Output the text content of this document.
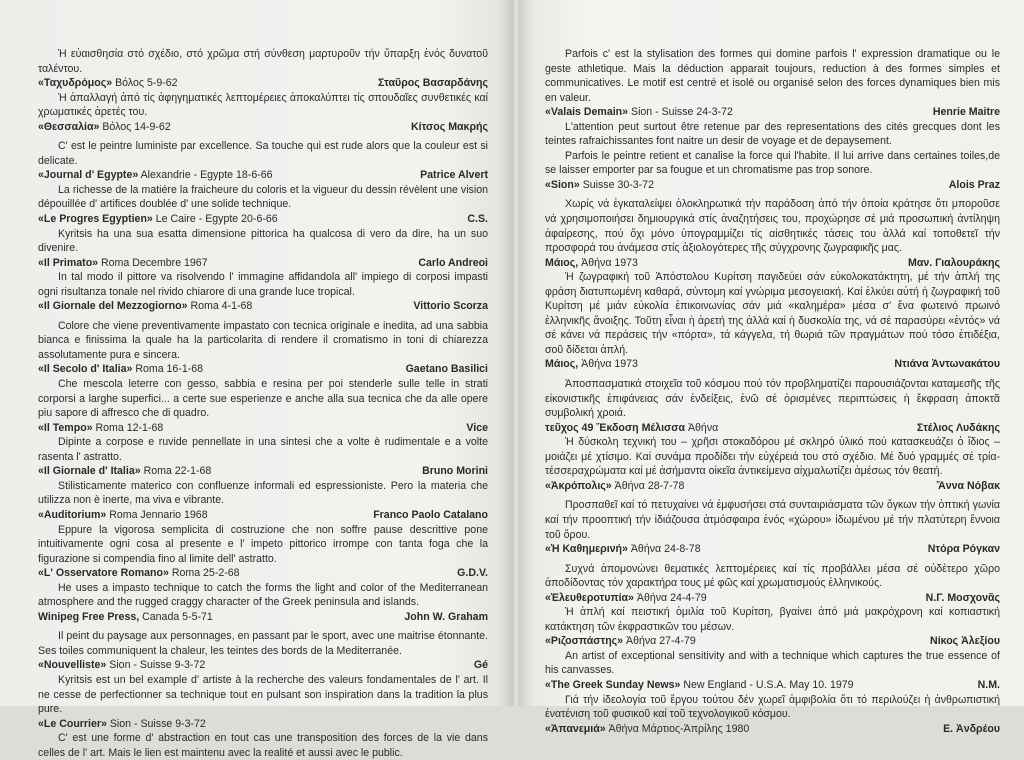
Ἡ εὐαισθησία στό σχέδιο, στό χρῶμα στή σύνθεση μαρτυροῦν τήν ὕπαρξη ἑνός δυνατοῦ ταλέντου.

«Ταχυδρόμος» Βόλος 5-9-62	Σταῦρος Βασαρδάνης

Ἡ ἀπαλλαγή ἀπό τίς ἀφηγηματικές λεπτομέρειες ἀποκαλύπτει τίς σπουδαῖες συνθετικές καί χρωματικές ἀρετές του.

«Θεσσαλία» Βόλος 14-9-62	Κίτσος Μακρής

C' est le peintre luministe par excellence. Sa touche qui est rude alors que la couleur est si delicate.

«Journal d' Egypte» Alexandrie - Egypte 18-6-66	Patrice Alvert

La richesse de la matiére la fraicheure du coloris et la vigueur du dessin révèlent une vision dépouillée d' artifices doublée d' une solide technique.

«Le Progres Egyptien» Le Caire - Egypte 20-6-66	C.S.

Kyritsis ha una sua esatta dimensione pittorica ha qualcosa di vero da dire, ha un suo divenire.

«Il Primato» Roma Decembre 1967	Carlo Andreoi

In tal modo il pittore va risolvendo l' immagine affidandola all' impiego di corposi impasti ogni risultanza tonale nel rivido chiarore di una grande luce tropical.

«Il Giornale del Mezzogiorno» Roma 4-1-68	Vittorio Scorza

Colore che viene preventivamente impastato con tecnica originale e inedita, ad una sabbia bianca e finissima la quale ha la particolarita di rendere il cromatismo in toni di chiarezza assolutamente pura e sincera.

«Il Secolo d' Italia» Roma 16-1-68	Gaetano Basilici

Che mescola leterre con gesso, sabbia e resina per poi stenderle sulle telle in strati corporsi a larghe superfici... a certe sue esperienze e anche alla sua tecnica che da alle opere piu sapore di affresco che di quadro.

«Il Tempo» Roma 12-1-68	Vice

Dipinte a corpose e ruvide pennellate in una sintesi che a volte è rudimentale e a volte rasenta l' astratto.

«Il Giornale d' Italia» Roma 22-1-68	Bruno Morini

Stilisticamente materico con confluenze informali ed espressioniste. Pero la materia che utilizza non è inerte, ma viva e vibrante.

«Auditorium» Roma Jennario 1968	Franco Paolo Catalano

Eppure la vigorosa semplicita di costruzione che non soffre pause descrittive pone intuitivamente ogni cosa al presente e l' impeto pittorico irrompe con tanta foga che la figurazione si compendia fino al limite dell' astratto.

«L' Osservatore Romano» Roma 25-2-68	G.D.V.

He uses a impasto technique to catch the forms the light and color of the Mediterranean atmosphere and the rugged craggy character of the Greek peninsula and islands.

Winipeg Free Press, Canada 5-5-71	John W. Graham

Il peint du paysage aux personnages, en passant par le sport, avec une maitrise étonnante. Ses toiles communiquent la chaleur, les teintes des bords de la Mediterranée.

«Nouvelliste» Sion - Suisse 9-3-72	Gé

Kyritsis est un bel example d' artiste à la recherche des valeurs fondamentales de l' art. Il ne cesse de perfectionner sa technique tout en pulsant son inspiration dans la tradition la plus pure.

«Le Courrier» Sion - Suisse 9-3-72

C' est une forme d' abstraction en tout cas une transposition des forces de la vie dans celles de l' art. Mais le lien est maintenu avec la realité et aussi avec le public.

Parfois c' est la stylisation des formes qui domine parfois l' expression dramatique ou le geste athletique. Mais la déduction apparait toujours, reduction à des formes simples et communicatives. Le motif est centré et isolé ou organisé selon des forces dynamiques bien mis en valeur.

«Valais Demain» Sion - Suisse 24-3-72	Henrie Maitre

L'attention peut surtout être retenue par des representations des cités grecques dont les teintes rafraichissantes font naitre un desir de voyage et de depaysement.

Parfois le peintre retient et canalise la force qui l'habite. Il lui arrive dans certaines toiles,de se laisser emporter par sa fougue et un chromatisme pas trop sonore.

«Sion» Suisse 30-3-72	Alois Praz

Χωρίς νά ἐγκαταλείψει ὁλοκληρωτικά τήν παράδοση ἀπό τήν ὁποία κράτησε ὅτι μποροῦσε νά χρησιμοποιήσει δημιουργικά στίς ἀναζητήσεις του, προχώρησε σέ μιά προσωπική ἀντίληψη ἀφαίρεσης, πού ὄχι μόνο ὑπογραμμίζει τίς αἰσθητικές τάσεις του ἀλλά καί τοποθετεῖ τήν προσφορά του ἀνάμεσα στίς ἀξιολογότερες τῆς σύγχρονης ζωγραφικῆς μας.

Μάιος, Ἀθήνα 1973	Μαν. Γιαλουράκης

Ἡ ζωγραφική τοῦ Ἀπόστολου Κυρίτση παγιδεύει σάν εὐκολοκατάκτητη, μέ τήν ἁπλή της φράση διατυπωμένη καθαρά, σύντομη καί γνώριμα μεσογειακή. Καί ἑλκύει αὐτή ἡ ζωγραφική τοῦ Κυρίτση μέ μιάν εὐκολία ἐπικοινωνίας σάν μιά «καλημέρα» μέσα σ' ἕνα φωτεινό πρωινό ἑλληνικῆς ἄνοιξης. Τοῦτη εἶναι ἡ ἀρετή της ἀλλά καί ἡ δυσκολία της, νά σέ παρασύρει «ἐντός» νά σέ κάνει νά περάσεις τήν «πόρτα», τά κάγγελα, τή θωριά τῶν πραγμάτων πού τόσο ἐπιδέξια, σοῦ δίδεται ἁπλή.

Μάιος, Ἀθήνα 1973	Ντιάνα Ἀντωνακάτου

Ἀποσπασματικά στοιχεῖα τοῦ κόσμου πού τόν προβληματίζει παρουσιάζονται καταμεσῆς τῆς εἰκονιστικῆς ἐπιφάνειας σάν ἐνδείξεις, ἐνῶ σέ ὁρισμένες περιπτώσεις ἡ ἔκφραση ἀποκτᾶ συμβολική χροιά.

τεῦχος 49 Ἔκδοση Μέλισσα Ἀθήνα	Στέλιος Λυδάκης

Ἡ δύσκολη τεχνική του – χρῆσι στοκαδόρου μέ σκληρό ὑλικό πού κατασκευάζει ὁ ἴδιος – μοιάζει μέ χτίσιμο. Καί συνάμα προδίδει τήν εὐχέρειά του στό σχέδιο. Μέ δυό γραμμές σέ τρία-τέσσεραχρώματα καί μέ ἀσήμαντα οἰκεῖα ἀντικείμενα αἰχμαλωτίζει ἀμέσως τόν θεατή.

«Ἀκρόπολις» Ἀθήνα 28-7-78	Ἄννα Νόβακ

Προσπαθεῖ καί τό πετυχαίνει νά ἐμφυσήσει στά συνταιριάσματα τῶν ὄγκων τήν ὀπτική γωνία καί τήν προοπτική τήν ἰδιάζουσα ἀτμόσφαιρα ἑνός «χώρου» ἰδωμένου μέ τήν πλατύτερη ἔννοια τοῦ ὅρου.

«Ἡ Καθημερινή» Ἀθήνα 24-8-78	Ντόρα Ρόγκαν

Συχνά ἀπομονώνει θεματικές λεπτομέρειες καί τίς προβάλλει μέσα σέ οὐδέτερο χῶρο ἀποδίδοντας τόν χαρακτήρα τους μέ φῶς καί χρωματισμούς ἑλληνικούς.

«Ἐλευθεροτυπία» Ἀθήνα 24-4-79	Ν.Γ. Μοσχονᾶς

Ἡ ἁπλή καί πειστική ὁμιλία τοῦ Κυρίτση, βγαίνει ἀπό μιά μακρόχρονη καί κοπιαστική κατάκτηση τῶν ἐκφραστικῶν του μέσων.

«Ριζοσπάστης» Ἀθήνα 27-4-79	Νίκος Ἀλεξίου

An artist of exceptional sensitivity and with a technique which captures the true essence of his canvasses.

«The Greek Sunday News» New England - U.S.A. May 10. 1979	N.M.

Γιά τήν ἰδεολογία τοῦ ἔργου τούτου δέν χωρεῖ ἀμφιβολία ὅτι τό περιλούζει ἡ ἀνθρωπιστική ἐνατένιση τοῦ φυσικοῦ καί τοῦ τεχνολογικοῦ κόσμου.

«Ἀπανεμιά» Ἀθήνα Μάρτιος-Ἀπρίλης 1980	Ε. Ἀνδρέου
